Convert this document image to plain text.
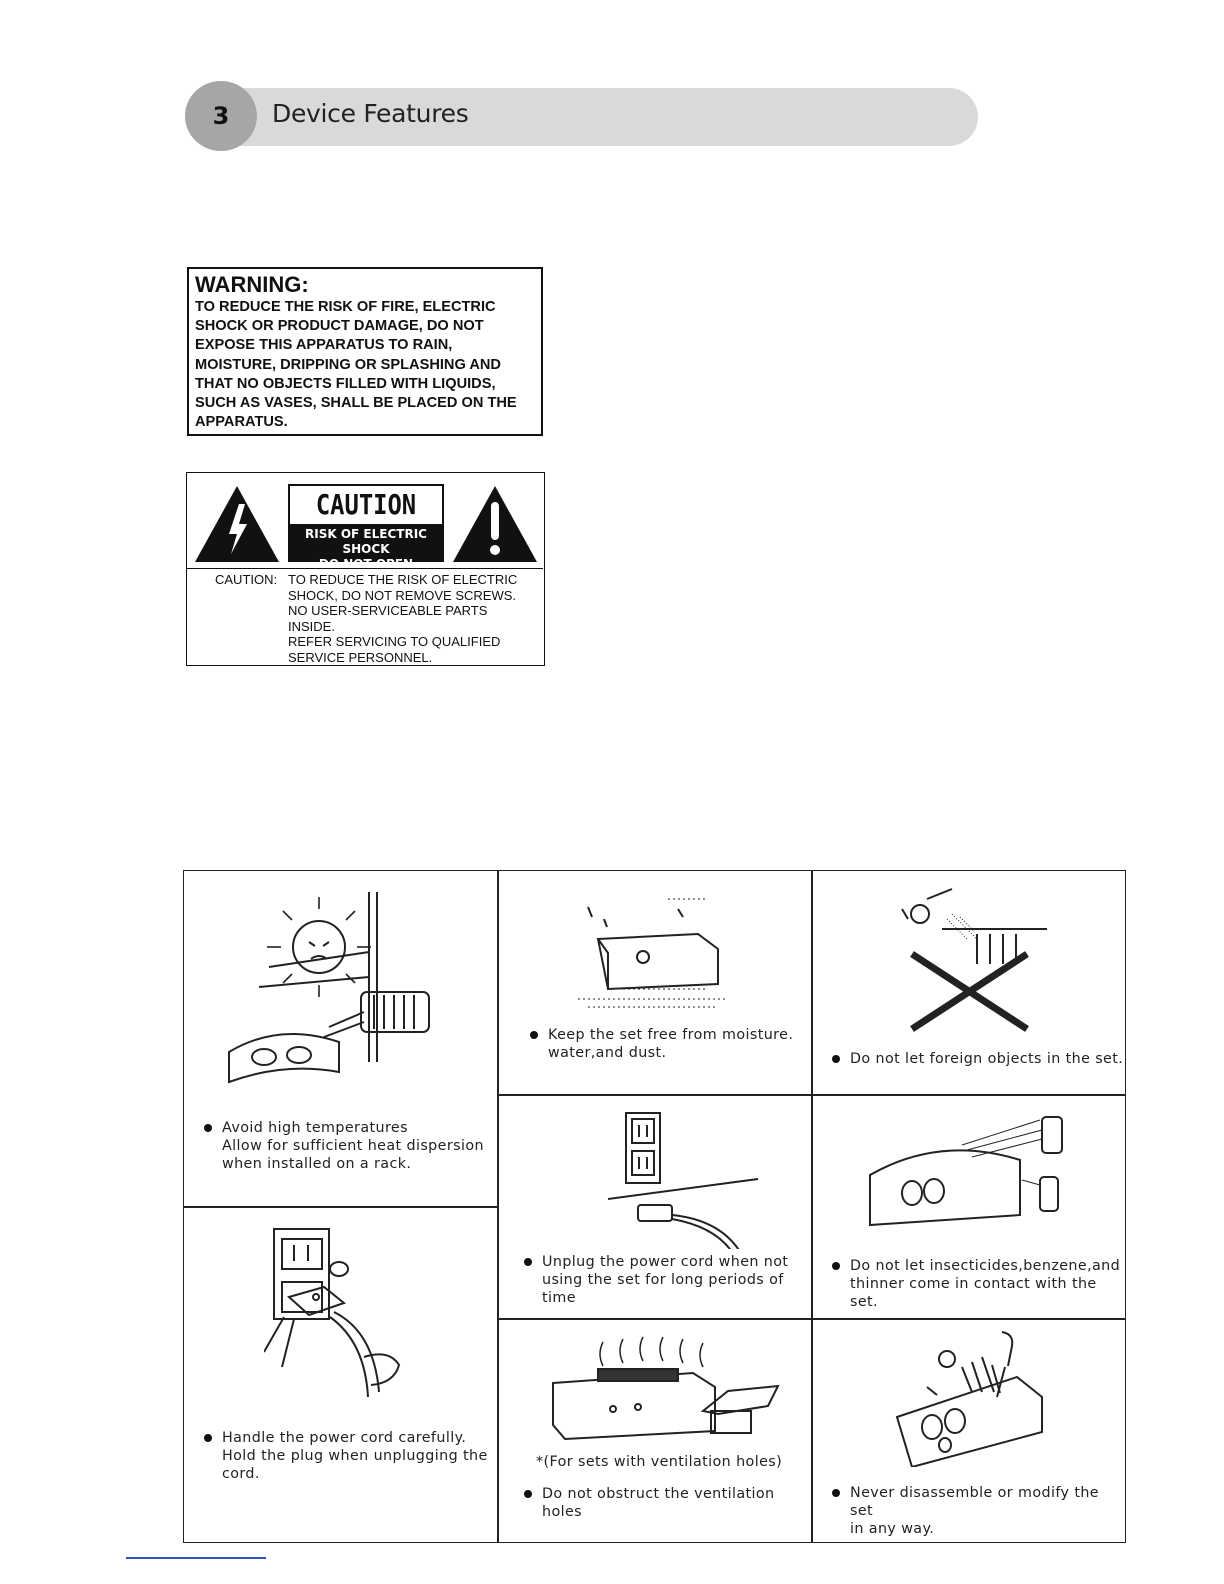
3	Device Features

WARNING:

TO REDUCE THE RISK OF FIRE, ELECTRIC
SHOCK OR PRODUCT DAMAGE, DO NOT
EXPOSE THIS APPARATUS TO RAIN,
MOISTURE, DRIPPING OR SPLASHING AND
THAT NO OBJECTS FILLED WITH LIQUIDS,
SUCH AS VASES, SHALL BE PLACED ON THE
APPARATUS.

CAUTION
RISK OF ELECTRIC SHOCK
DO NOT OPEN
CAUTION: TO REDUCE THE RISK OF ELECTRIC
SHOCK, DO NOT REMOVE SCREWS.
NO USER-SERVICEABLE PARTS
INSIDE.
REFER SERVICING TO QUALIFIED
SERVICE PERSONNEL.
Avoid high temperatures
Allow for sufficient heat dispersion
when installed on a rack.
Keep the set free from moisture.
water,and dust.	Do not let foreign objects in the set.
Unplug the power cord when not
using the set for long periods of
time
Do not let insecticides,benzene,and
thinner come in contact with the set.
Handle the power cord carefully.
Hold the plug when unplugging the
cord.
*(For sets with ventilation holes)
Do not obstruct the ventilation
holes
Never disassemble or modify the set
in any way.
